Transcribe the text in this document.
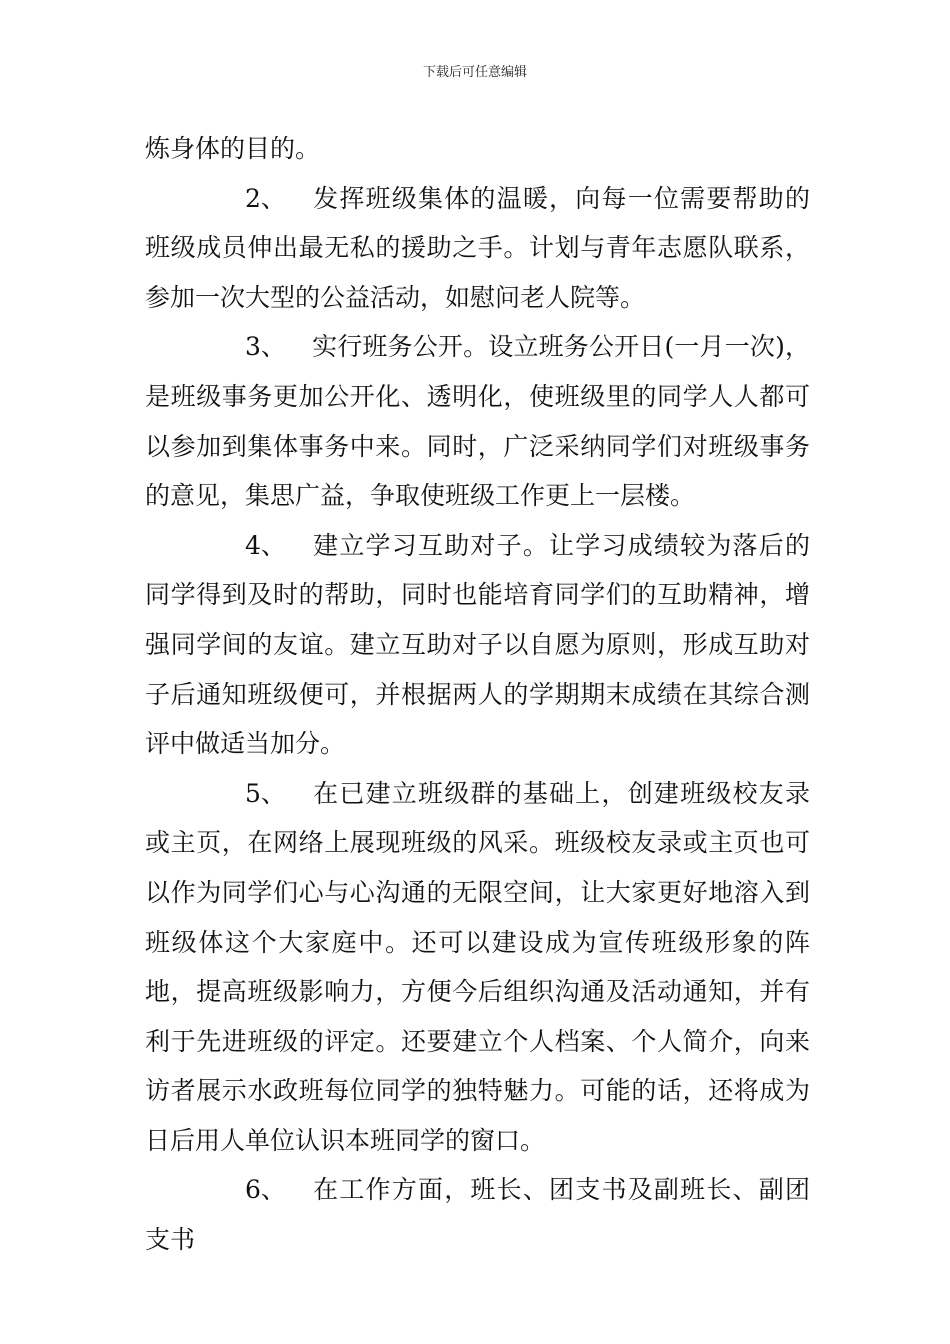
下载后可任意编辑

炼身体的目的。

2、 发挥班级集体的温暖，向每一位需要帮助的班级成员伸出最无私的援助之手。计划与青年志愿队联系，参加一次大型的公益活动，如慰问老人院等。

3、 实行班务公开。设立班务公开日(一月一次)，是班级事务更加公开化、透明化，使班级里的同学人人都可以参加到集体事务中来。同时，广泛采纳同学们对班级事务的意见，集思广益，争取使班级工作更上一层楼。

4、 建立学习互助对子。让学习成绩较为落后的同学得到及时的帮助，同时也能培育同学们的互助精神，增强同学间的友谊。建立互助对子以自愿为原则，形成互助对子后通知班级便可，并根据两人的学期期末成绩在其综合测评中做适当加分。

5、 在已建立班级群的基础上，创建班级校友录或主页，在网络上展现班级的风采。班级校友录或主页也可以作为同学们心与心沟通的无限空间，让大家更好地溶入到班级体这个大家庭中。还可以建设成为宣传班级形象的阵地，提高班级影响力，方便今后组织沟通及活动通知，并有利于先进班级的评定。还要建立个人档案、个人简介，向来访者展示水政班每位同学的独特魅力。可能的话，还将成为日后用人单位认识本班同学的窗口。

6、 在工作方面，班长、团支书及副班长、副团支书
